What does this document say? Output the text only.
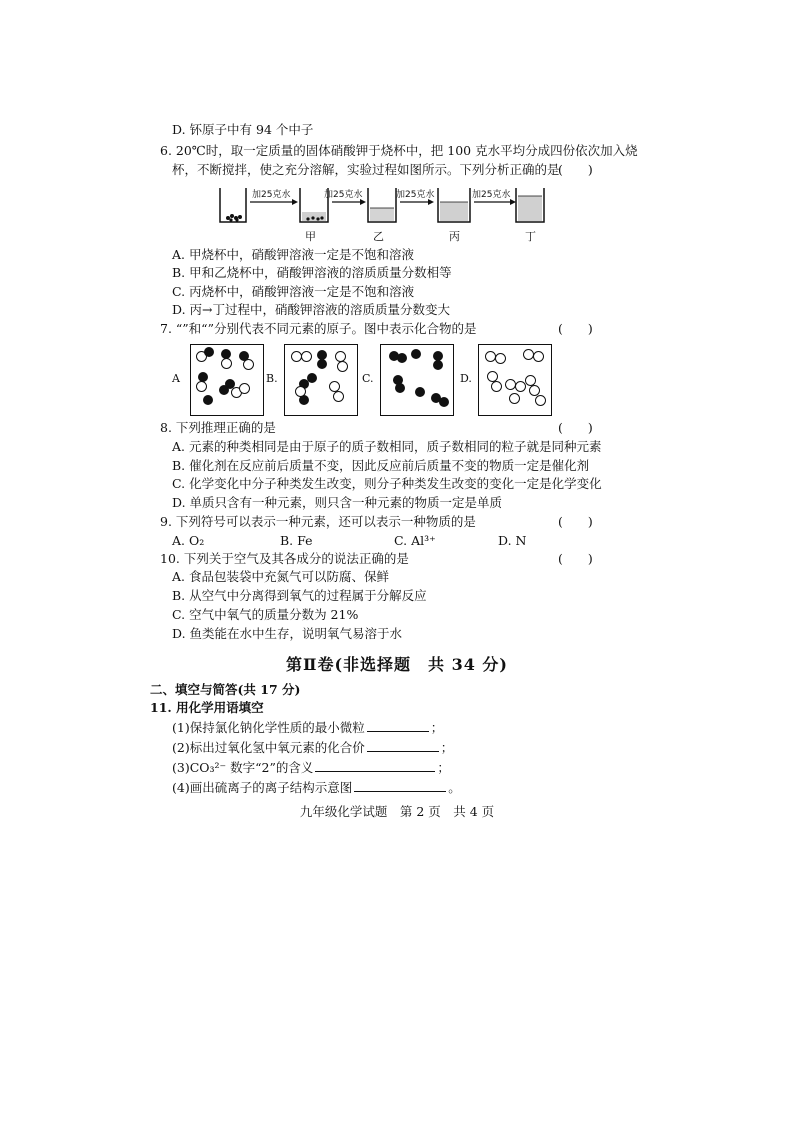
D. 钚原子中有 94 个中子
6. 20℃时，取一定质量的固体硝酸钾于烧杯中，把 100 克水平均分成四份依次加入烧
杯，不断搅拌，使之充分溶解，实验过程如图所示。下列分析正确的是
(　　)
加25克水	加25克水	加25克水	加25克水
甲	乙	丙	丁
A. 甲烧杯中，硝酸钾溶液一定是不饱和溶液
B. 甲和乙烧杯中，硝酸钾溶液的溶质质量分数相等
C. 丙烧杯中，硝酸钾溶液一定是不饱和溶液
D. 丙→丁过程中，硝酸钾溶液的溶质质量分数变大
7. “”和“”分别代表不同元素的原子。图中表示化合物的是	(　　)
A	B.	C.	D.
8. 下列推理正确的是	(　　)
A. 元素的种类相同是由于原子的质子数相同，质子数相同的粒子就是同种元素
B. 催化剂在反应前后质量不变，因此反应前后质量不变的物质一定是催化剂
C. 化学变化中分子种类发生改变，则分子种类发生改变的变化一定是化学变化
D. 单质只含有一种元素，则只含一种元素的物质一定是单质
9. 下列符号可以表示一种元素，还可以表示一种物质的是	(　　)
A. O₂	B. Fe	C. Al³⁺	D. N
10. 下列关于空气及其各成分的说法正确的是	(　　)
A. 食品包装袋中充氮气可以防腐、保鲜
B. 从空气中分离得到氧气的过程属于分解反应
C. 空气中氧气的质量分数为 21%
D. 鱼类能在水中生存，说明氧气易溶于水
第Ⅱ卷(非选择题　共 34 分)
二、填空与简答(共 17 分)
11. 用化学用语填空
(1)保持氯化钠化学性质的最小微粒	；
(2)标出过氧化氢中氧元素的化合价	；
(3)CO₃²⁻ 数字“2”的含义	；
(4)画出硫离子的离子结构示意图	。
九年级化学试题　第 2 页　共 4 页
